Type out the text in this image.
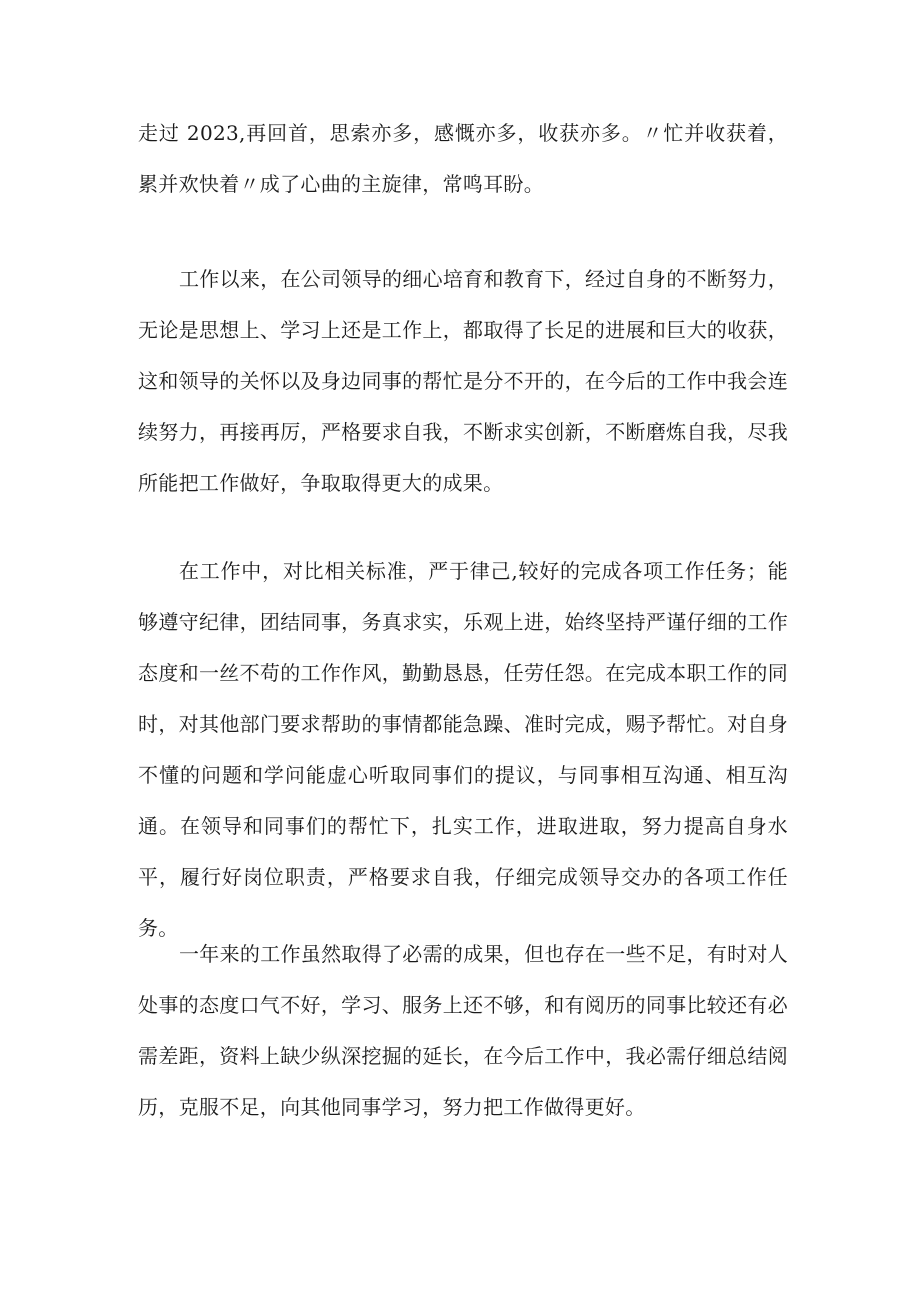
走过 2023,再回首，思索亦多，感慨亦多，收获亦多。〃忙并收获着，累并欢快着〃成了心曲的主旋律，常鸣耳盼。

工作以来，在公司领导的细心培育和教育下，经过自身的不断努力，无论是思想上、学习上还是工作上，都取得了长足的进展和巨大的收获，这和领导的关怀以及身边同事的帮忙是分不开的，在今后的工作中我会连续努力，再接再厉，严格要求自我，不断求实创新，不断磨炼自我，尽我所能把工作做好，争取取得更大的成果。

在工作中，对比相关标准，严于律己,较好的完成各项工作任务；能够遵守纪律，团结同事，务真求实，乐观上进，始终坚持严谨仔细的工作态度和一丝不苟的工作作风，勤勤恳恳，任劳任怨。在完成本职工作的同时，对其他部门要求帮助的事情都能急躁、准时完成，赐予帮忙。对自身不懂的问题和学问能虚心听取同事们的提议，与同事相互沟通、相互沟通。在领导和同事们的帮忙下，扎实工作，进取进取，努力提高自身水平，履行好岗位职责，严格要求自我，仔细完成领导交办的各项工作任务。

一年来的工作虽然取得了必需的成果，但也存在一些不足，有时对人处事的态度口气不好，学习、服务上还不够，和有阅历的同事比较还有必需差距，资料上缺少纵深挖掘的延长，在今后工作中，我必需仔细总结阅历，克服不足，向其他同事学习，努力把工作做得更好。
